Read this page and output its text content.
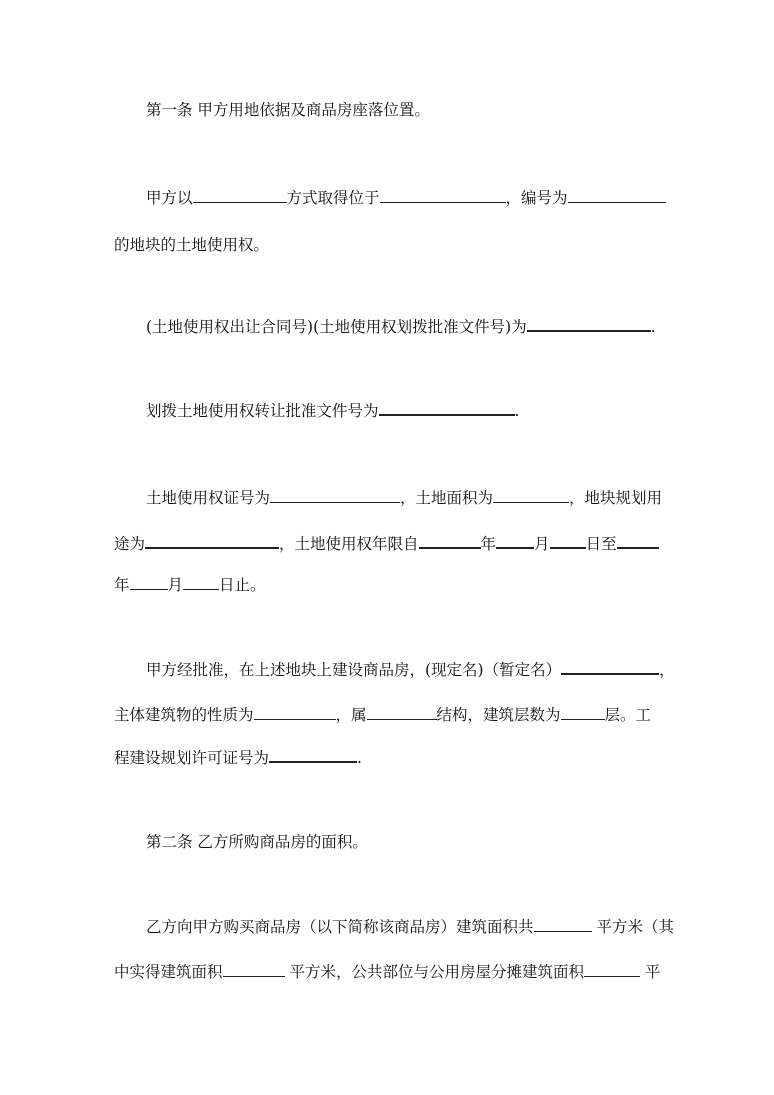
第一条 甲方用地依据及商品房座落位置。
甲方以	方式取得位于	，编号为
的地块的土地使用权。
(土地使用权出让合同号)(土地使用权划拨批准文件号)为	.
划拨土地使用权转让批准文件号为	.
土地使用权证号为	，土地面积为	，地块规划用
途为	，土地使用权年限自	年 月 日至
年 月 日止。
甲方经批准，在上述地块上建设商品房，(现定名)（暂定名）	，
主体建筑物的性质为	，属	结构，建筑层数为	层。工
程建设规划许可证号为	.
第二条 乙方所购商品房的面积。
乙方向甲方购买商品房（以下简称该商品房）建筑面积共	平方米（其
中实得建筑面积	平方米，公共部位与公用房屋分摊建筑面积	平
